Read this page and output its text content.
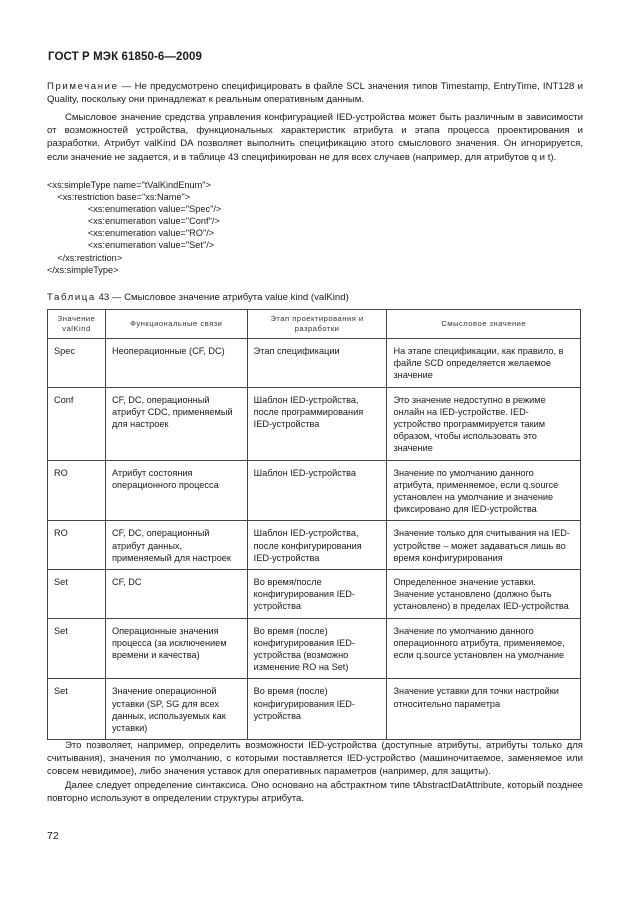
ГОСТ Р МЭК 61850-6—2009
Примечание — Не предусмотрено специфицировать в файле SCL значения типов Timestamp, EntryTime, INT128 и Quality, поскольку они принадлежат к реальным оперативным данным.

Смысловое значение средства управления конфигурацией IED-устройства может быть различным в зависимости от возможностей устройства, функциональных характеристик атрибута и этапа процесса проектирования и разработки. Атрибут valKind DA позволяет выполнить спецификацию этого смыслового значения. Он игнорируется, если значение не задается, и в таблице 43 спецификирован не для всех случаев (например, для атрибутов q и t).

<xs:simpleType name="tValKindEnum">
<xs:restriction base="xs:Name">
<xs:enumeration value="Spec"/>
<xs:enumeration value="Conf"/>
<xs:enumeration value="RO"/>
<xs:enumeration value="Set"/>
</xs:restriction>
</xs:simpleType>
Таблица 43 — Смысловое значение атрибута value kind (valKind)
Значение valKind	Функциональные связи	Этап проектирования и разработки	Смысловое значение
Spec	Неоперационные (CF, DC)	Этап спецификации	На этапе спецификации, как правило, в файле SCD определяется желаемое значение
Conf	CF, DC, операционный атрибут CDC, применяемый для настроек	Шаблон IED-устройства, после программирования IED-устройства	Это значение недоступно в режиме онлайн на IED-устройстве. IED-устройство программируется таким образом, чтобы использовать это значение
RO	Атрибут состояния операционного процесса	Шаблон IED-устройства	Значение по умолчанию данного атрибута, применяемое, если q.source установлен на умолчание и значение фиксировано для IED-устройства
RO	CF, DC, операционный атрибут данных, применяемый для настроек	Шаблон IED-устройства, после конфигурирования IED-устройства	Значение только для считывания на IED-устройстве – может задаваться лишь во время конфигурирования
Set	CF, DC	Во время/после конфигурирования IED-устройства	Определенное значение уставки. Значение установлено (должно быть установлено) в пределах IED-устройства
Set	Операционные значения процесса (за исключением времени и качества)	Во время (после) конфигурирования IED-устройства (возможно изменение RO на Set)	Значение по умолчанию данного операционного атрибута, применяемое, если q.source установлен на умолчание
Set	Значение операционной уставки (SP, SG для всех данных, используемых как уставки)	Во время (после) конфигурирования IED-устройства	Значение уставки для точки настройки относительно параметра

Это позволяет, например, определить возможности IED-устройства (доступные атрибуты, атрибуты только для считывания), значения по умолчанию, с которыми поставляется IED-устройство (машиночитаемое, заменяемое или совсем невидимое), либо значения уставок для оперативных параметров (например, для защиты).

Далее следует определение синтаксиса. Оно основано на абстрактном типе tAbstractDatAttribute, который позднее повторно используют в определении структуры атрибута.

72
